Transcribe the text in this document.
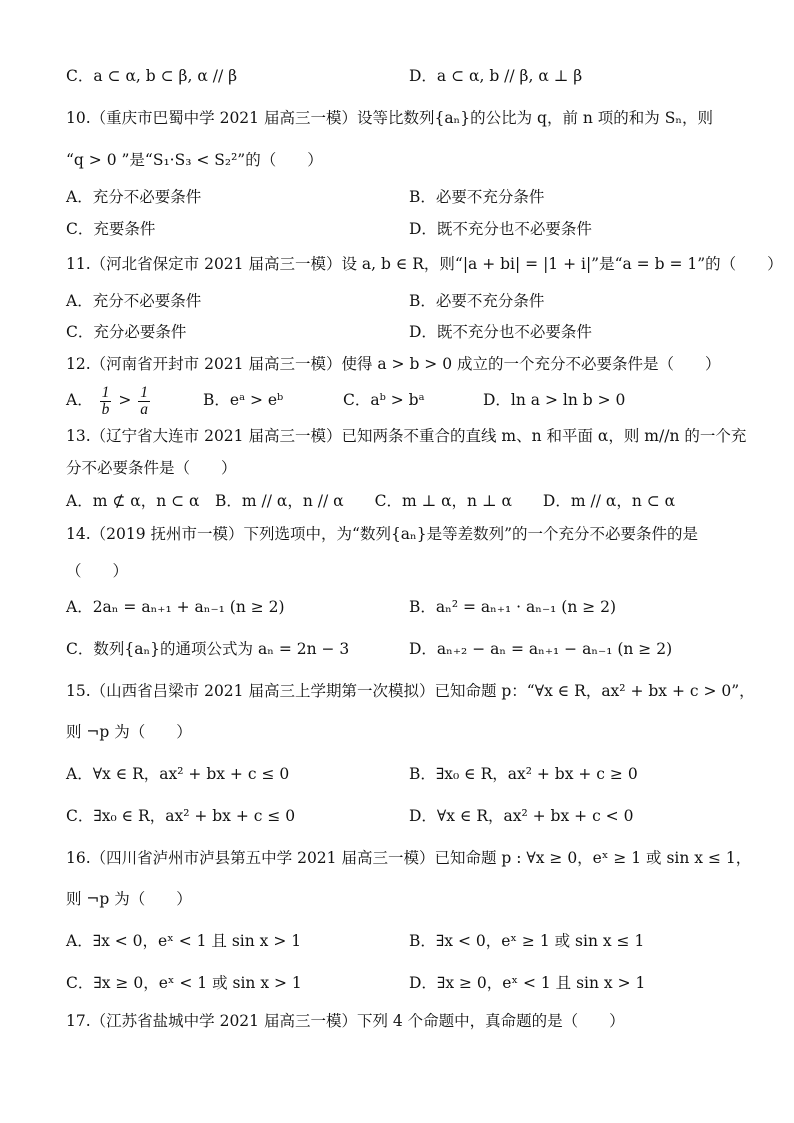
C．a ⊂ α, b ⊂ β, α // β	D．a ⊂ α, b // β, α ⊥ β
10.（重庆市巴蜀中学 2021 届高三一模）设等比数列{aₙ}的公比为 q，前 n 项的和为 Sₙ，则
“q > 0 ”是“S₁·S₃ < S₂²”的（　　）
A．充分不必要条件	B．必要不充分条件
C．充要条件	D．既不充分也不必要条件
11.（河北省保定市 2021 届高三一模）设 a, b ∈ R，则“|a + bi| = |1 + i|”是“a = b = 1”的（　　）
A．充分不必要条件	B．必要不充分条件
C．充分必要条件	D．既不充分也不必要条件
12.（河南省开封市 2021 届高三一模）使得 a > b > 0 成立的一个充分不必要条件是（　　）
A． $\frac{1}{b} > \frac{1}{a}$	B．eᵃ > eᵇ	C．aᵇ > bᵃ	D．ln a > ln b > 0
13.（辽宁省大连市 2021 届高三一模）已知两条不重合的直线 m、n 和平面 α，则 m//n 的一个充
分不必要条件是（　　）
A．m ⊄ α，n ⊂ α　B．m // α，n // α　　C．m ⊥ α，n ⊥ α　　D．m // α，n ⊂ α
14.（2019 抚州市一模）下列选项中，为“数列{aₙ}是等差数列”的一个充分不必要条件的是
（　　）
A．2aₙ = aₙ₊₁ + aₙ₋₁ (n ≥ 2)	B．aₙ² = aₙ₊₁ · aₙ₋₁ (n ≥ 2)
C．数列{aₙ}的通项公式为 aₙ = 2n − 3	D．aₙ₊₂ − aₙ = aₙ₊₁ − aₙ₋₁ (n ≥ 2)
15.（山西省吕梁市 2021 届高三上学期第一次模拟）已知命题 p：“∀x ∈ R，ax² + bx + c > 0”，
则 ¬p 为（　　）
A．∀x ∈ R，ax² + bx + c ≤ 0	B．∃x₀ ∈ R，ax² + bx + c ≥ 0
C．∃x₀ ∈ R，ax² + bx + c ≤ 0	D．∀x ∈ R，ax² + bx + c < 0
16.（四川省泸州市泸县第五中学 2021 届高三一模）已知命题 p : ∀x ≥ 0，eˣ ≥ 1 或 sin x ≤ 1，
则 ¬p 为（　　）
A．∃x < 0，eˣ < 1 且 sin x > 1	B．∃x < 0，eˣ ≥ 1 或 sin x ≤ 1
C．∃x ≥ 0，eˣ < 1 或 sin x > 1	D．∃x ≥ 0，eˣ < 1 且 sin x > 1
17.（江苏省盐城中学 2021 届高三一模）下列 4 个命题中，真命题的是（　　）
